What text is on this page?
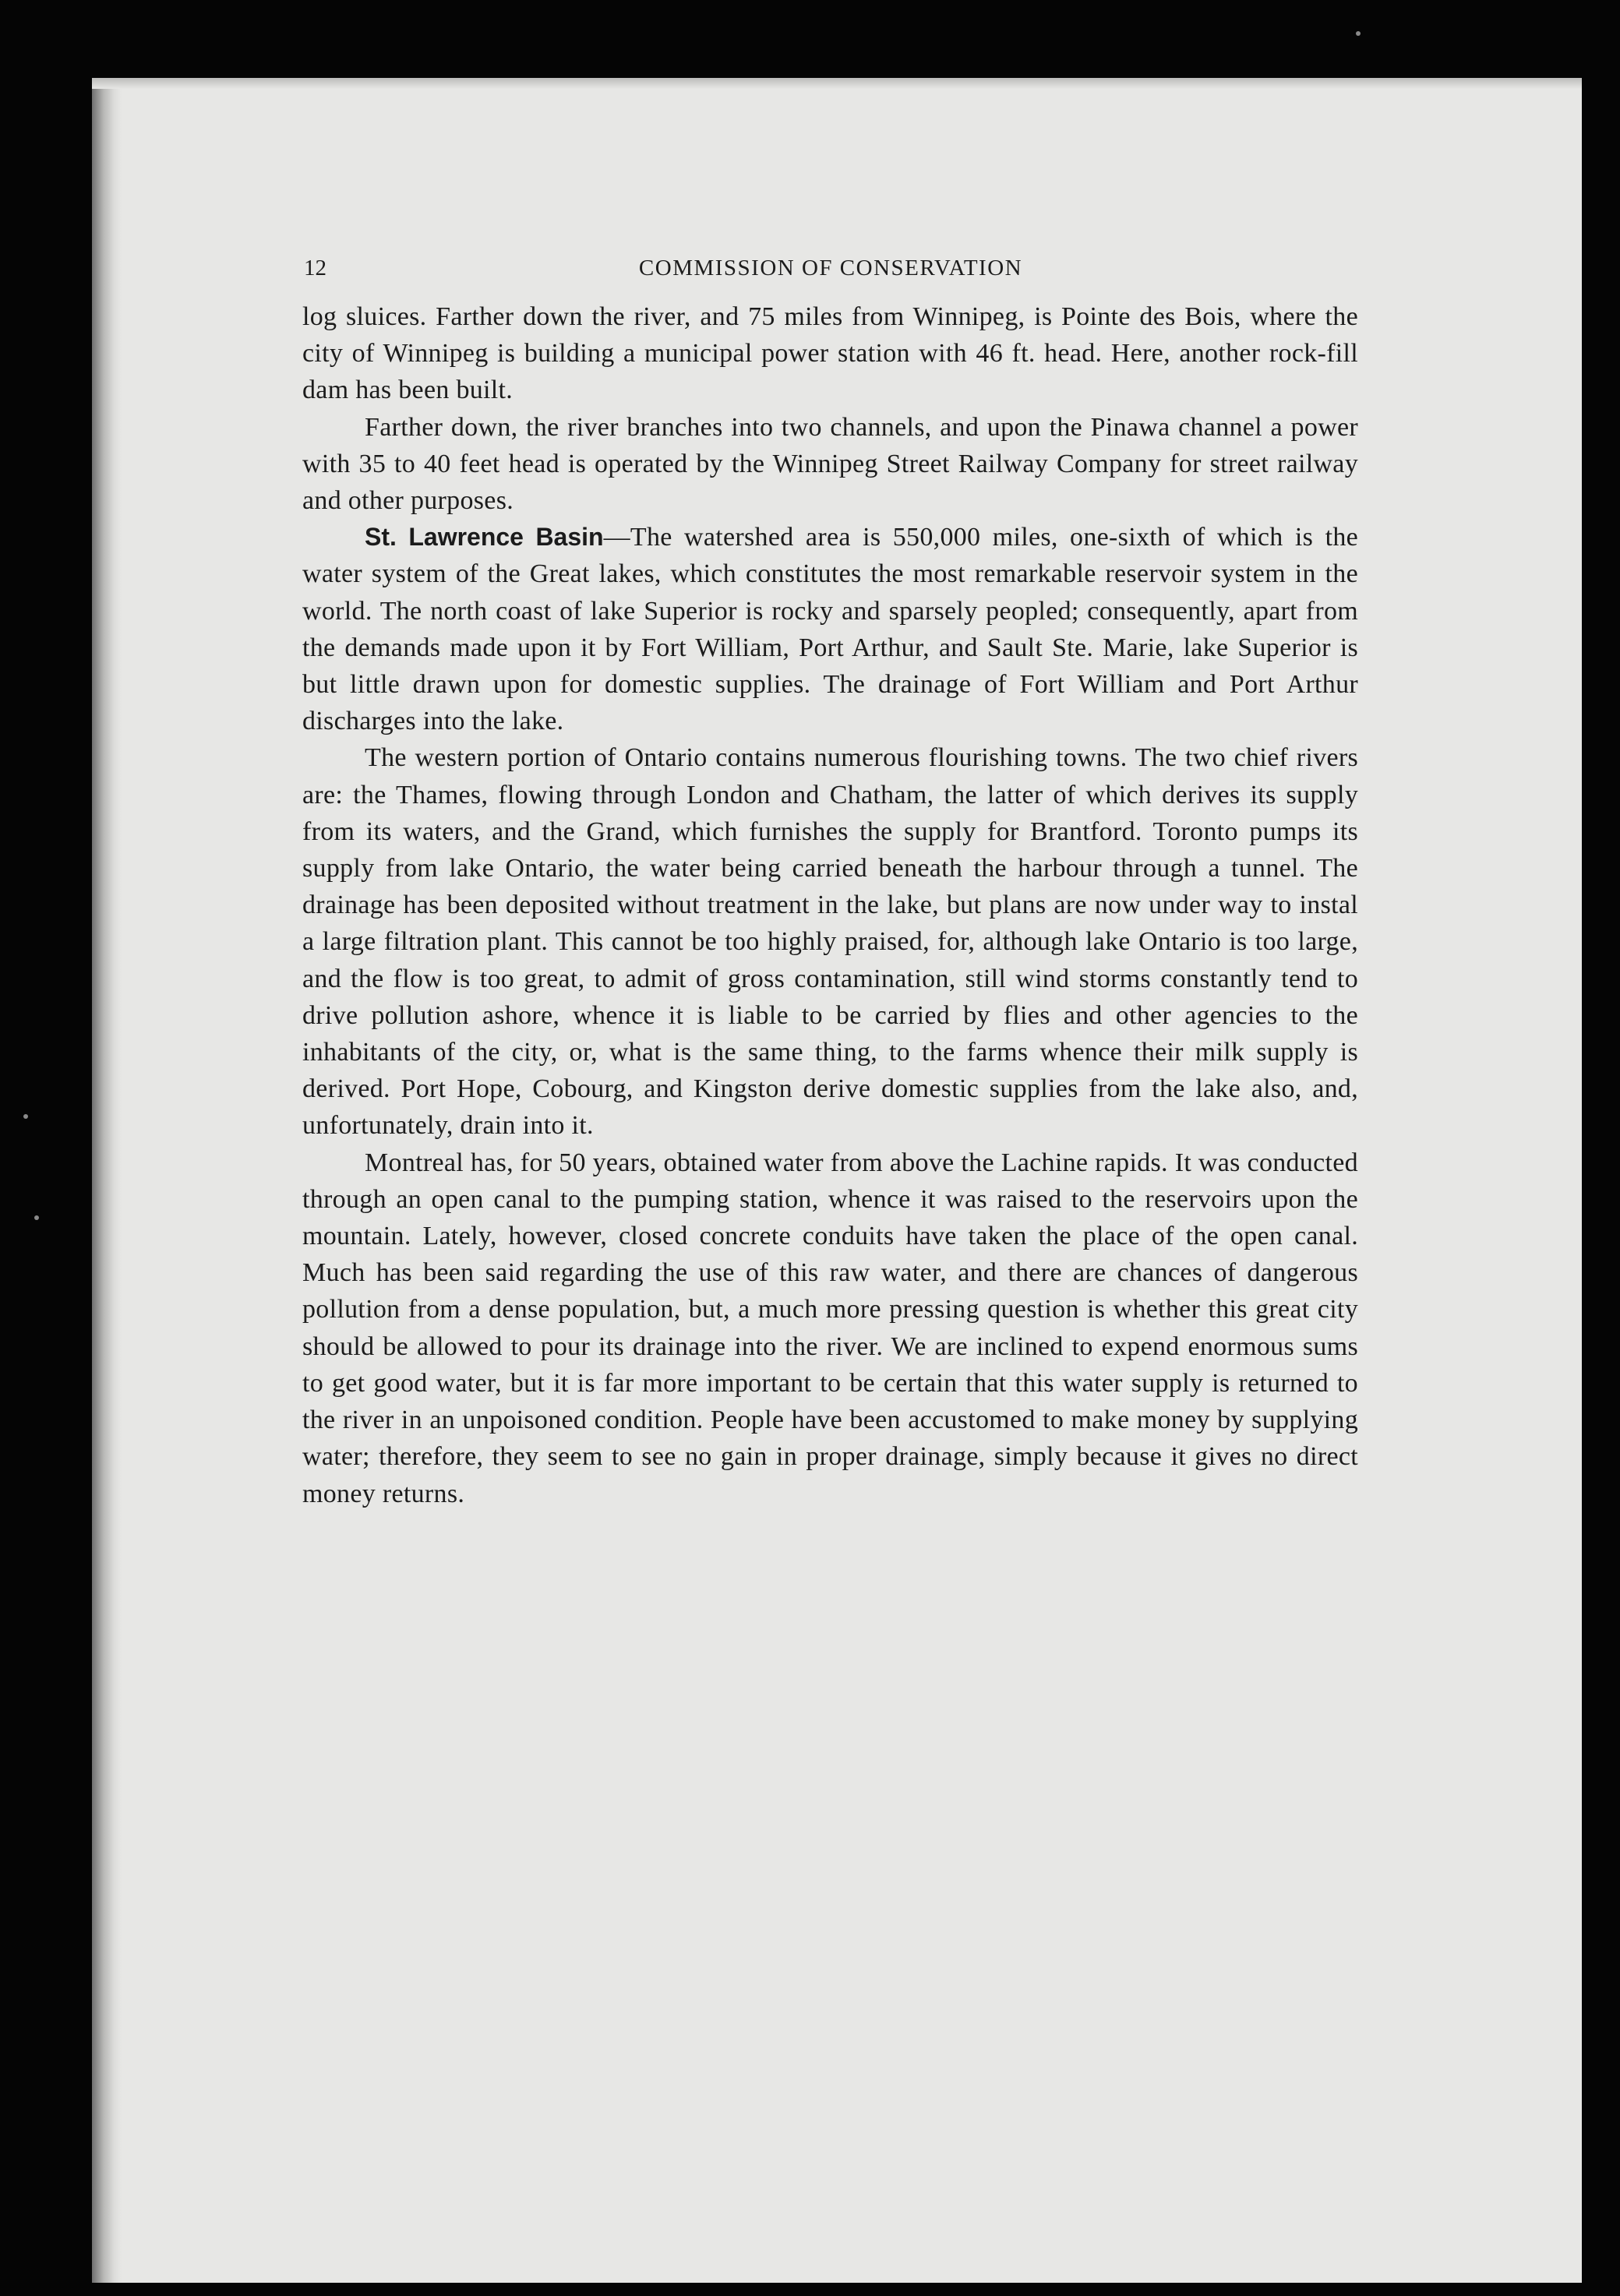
12	COMMISSION OF CONSERVATION

log sluices. Farther down the river, and 75 miles from Winnipeg, is Pointe des Bois, where the city of Winnipeg is building a municipal power station with 46 ft. head. Here, another rock-fill dam has been built.

Farther down, the river branches into two channels, and upon the Pinawa channel a power with 35 to 40 feet head is operated by the Winnipeg Street Railway Company for street railway and other purposes.

St. Lawrence Basin—The watershed area is 550,000 miles, one-sixth of which is the water system of the Great lakes, which constitutes the most remarkable reservoir system in the world. The north coast of lake Superior is rocky and sparsely peopled; consequently, apart from the demands made upon it by Fort William, Port Arthur, and Sault Ste. Marie, lake Superior is but little drawn upon for domestic supplies. The drainage of Fort William and Port Arthur discharges into the lake.

The western portion of Ontario contains numerous flourishing towns. The two chief rivers are: the Thames, flowing through London and Chatham, the latter of which derives its supply from its waters, and the Grand, which furnishes the supply for Brantford. Toronto pumps its supply from lake Ontario, the water being carried beneath the harbour through a tunnel. The drainage has been deposited without treatment in the lake, but plans are now under way to instal a large filtration plant. This cannot be too highly praised, for, although lake Ontario is too large, and the flow is too great, to admit of gross contamination, still wind storms constantly tend to drive pollution ashore, whence it is liable to be carried by flies and other agencies to the inhabitants of the city, or, what is the same thing, to the farms whence their milk supply is derived. Port Hope, Cobourg, and Kingston derive domestic supplies from the lake also, and, unfortunately, drain into it.

Montreal has, for 50 years, obtained water from above the Lachine rapids. It was conducted through an open canal to the pumping station, whence it was raised to the reservoirs upon the mountain. Lately, however, closed concrete conduits have taken the place of the open canal. Much has been said regarding the use of this raw water, and there are chances of dangerous pollution from a dense population, but, a much more pressing question is whether this great city should be allowed to pour its drainage into the river. We are inclined to expend enormous sums to get good water, but it is far more important to be certain that this water supply is returned to the river in an unpoisoned condition. People have been accustomed to make money by supplying water; therefore, they seem to see no gain in proper drainage, simply because it gives no direct money returns.
